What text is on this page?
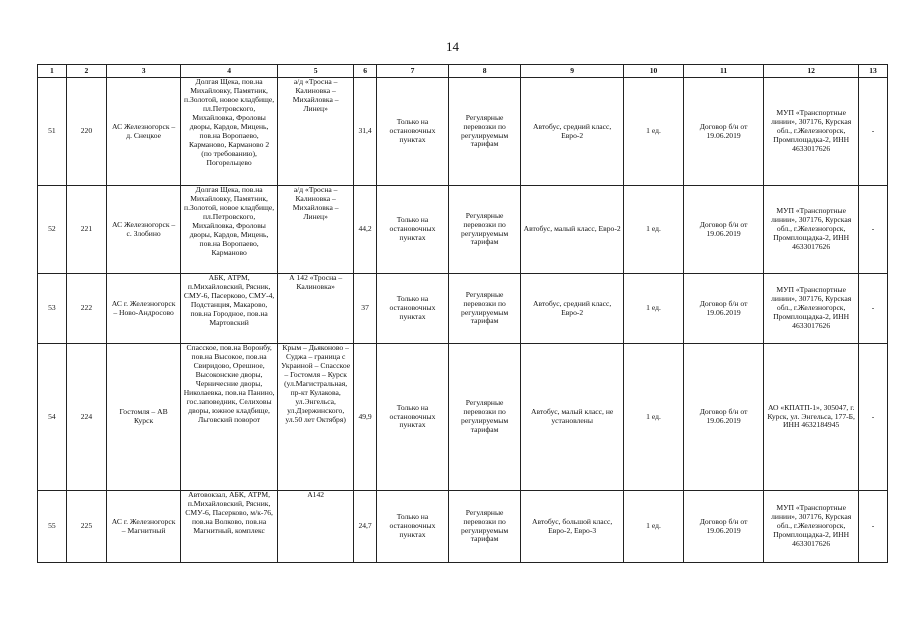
14
1	2	3	4	5	6	7	8	9	10	11	12	13
51	220	АС Железногорск – д. Снецкое	Долгая Щека, пов.на Михайловку, Памятник, п.Золотой, новое кладбище, пл.Петровского, Михайловка, Фроловы дворы, Кардов, Мицень, пов.на Воропаево, Карманово, Карманово 2 (по требованию), Погорельцево	а/д «Тросна – Калиновка – Михайловка – Линец»	31,4	Только на остановочных пунктах	Регулярные перевозки по регулируемым тарифам	Автобус, средний класс, Евро-2	1 ед.	Договор б/н от 19.06.2019	МУП «Транспортные линии», 307176, Курская обл., г.Железногорск, Промплощадка-2, ИНН 4633017626	-
52	221	АС Железногорск – с. Злобино	Долгая Щека, пов.на Михайловку, Памятник, п.Золотой, новое кладбище, пл.Петровского, Михайловка, Фроловы дворы, Кардов, Мицень, пов.на Воропаево, Карманово	а/д «Тросна – Калиновка – Михайловка – Линец»	44,2	Только на остановочных пунктах	Регулярные перевозки по регулируемым тарифам	Автобус, малый класс, Евро-2	1 ед.	Договор б/н от 19.06.2019	МУП «Транспортные линии», 307176, Курская обл., г.Железногорск, Промплощадка-2, ИНН 4633017626	-
53	222	АС г. Железногорск – Ново-Андросово	АБК, АТРМ, п.Михайловский, Рясник, СМУ-6, Пасерково, СМУ-4, Подстанция, Макарово, пов.на Городное, пов.на Мартовский	А 142 «Тросна – Калиновка»	37	Только на остановочных пунктах	Регулярные перевозки по регулируемым тарифам	Автобус, средний класс, Евро-2	1 ед.	Договор б/н от 19.06.2019	МУП «Транспортные линии», 307176, Курская обл., г.Железногорск, Промплощадка-2, ИНН 4633017626	-
54	224	Гостомля – АВ Курск	Спасское, пов.на Воронбу, пов.на Высокое, пов.на Свиридово, Орешное, Высоконские дворы, Черничесние дворы, Николаевка, пов.на Панино, гос.заповедник, Селиховы дворы, южное кладбище, Льговский поворот	Крым – Дьяконово – Суджа – граница с Украиной – Спасское – Гостомля – Курск (ул.Магистральная, пр-кт Кулакова, ул.Энгельса, ул.Дзержинского, ул.50 лет Октября)	49,9	Только на остановочных пунктах	Регулярные перевозки по регулируемым тарифам	Автобус, малый класс, не установлены	1 ед.	Договор б/н от 19.06.2019	АО «КПАТП-1», 305047, г. Курск, ул. Энгельса, 177-Б, ИНН 4632184945	-
55	225	АС г. Железногорск – Магнитный	Автовокзал, АБК, АТРМ, п.Михайловский, Рясник, СМУ-6, Пасерково, м/к-76, пов.на Волково, пов.на Магнитный, комплекс	А142	24,7	Только на остановочных пунктах	Регулярные перевозки по регулируемым тарифам	Автобус, большой класс, Евро-2, Евро-3	1 ед.	Договор б/н от 19.06.2019	МУП «Транспортные линии», 307176, Курская обл., г.Железногорск, Промплощадка-2, ИНН 4633017626	-
